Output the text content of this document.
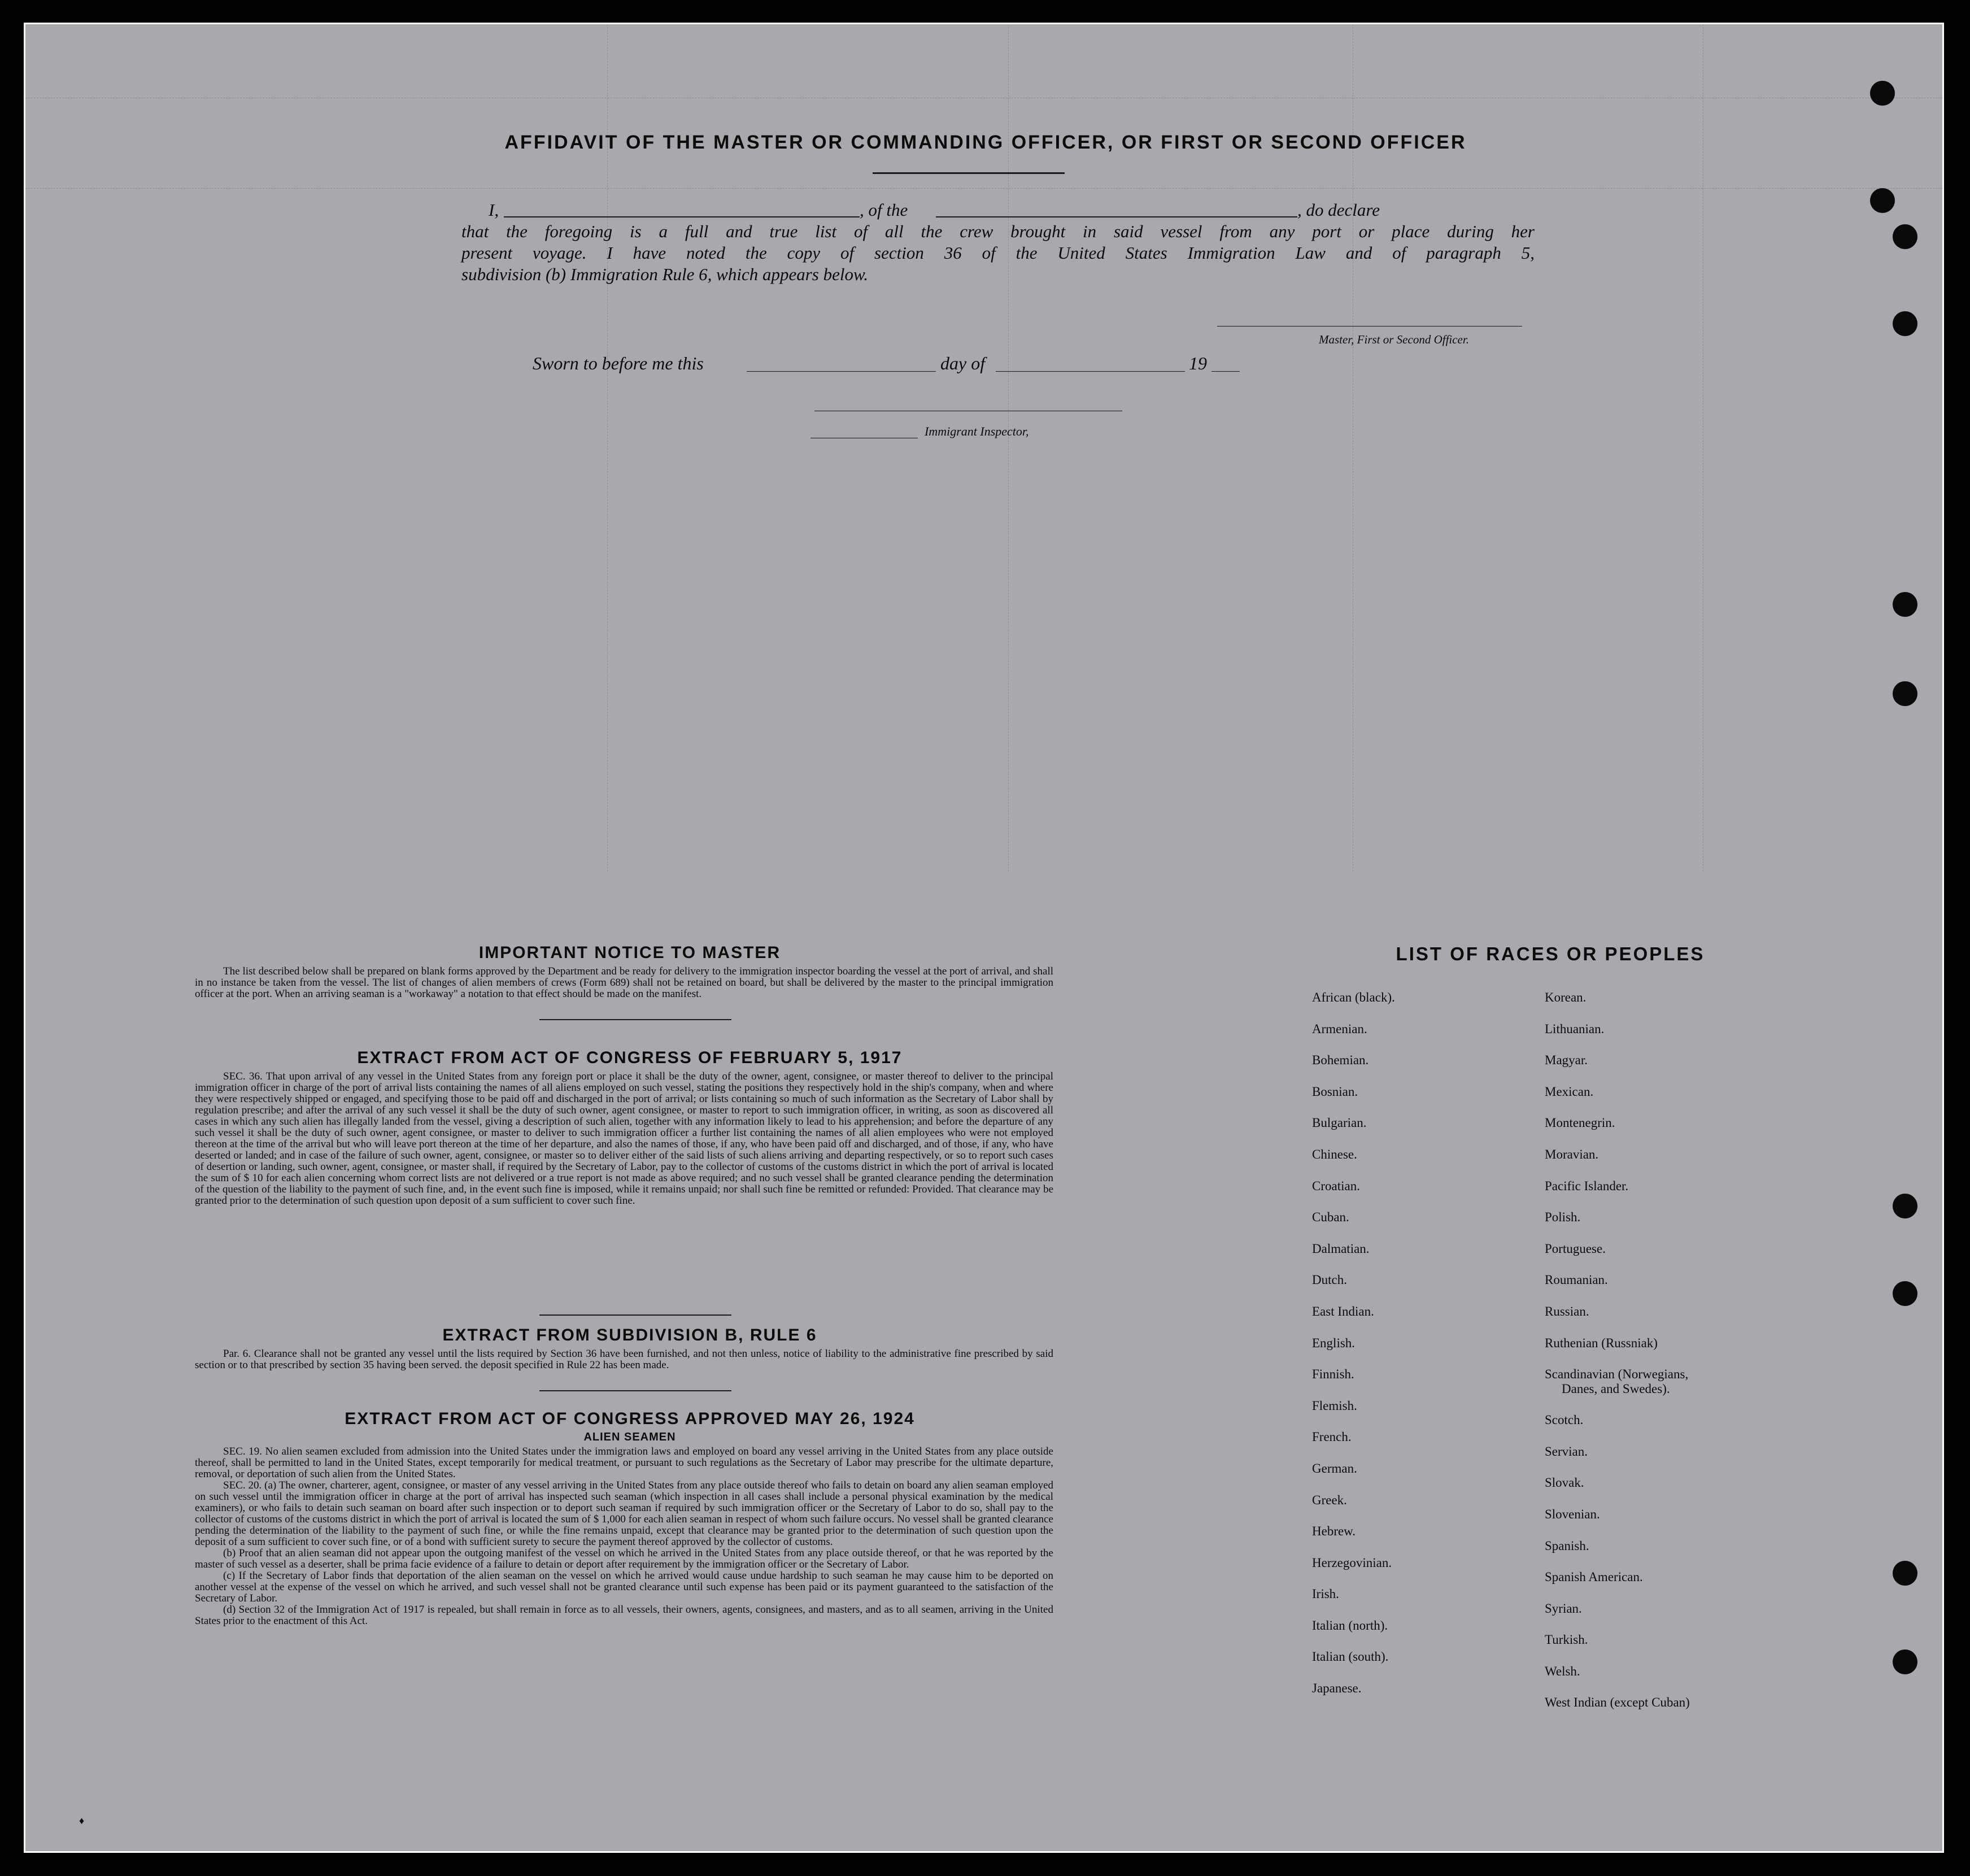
AFFIDAVIT OF THE MASTER OR COMMANDING OFFICER, OR FIRST OR SECOND OFFICER
I,	, of the	, do declare
that the foregoing is a full and true list of all the crew brought in said vessel from any port or place during her
present voyage. I have noted the copy of section 36 of the United States Immigration Law and of paragraph 5,
subdivision (b) Immigration Rule 6, which appears below.
Master, First or Second Officer.
Sworn to before me this	day of	19
Immigrant Inspector,
IMPORTANT NOTICE TO MASTER
The list described below shall be prepared on blank forms approved by the Department and be ready for delivery to the immigration inspector boarding the vessel at the port of arrival, and shall in no instance be taken from the vessel. The list of changes of alien members of crews (Form 689) shall not be retained on board, but shall be delivered by the master to the principal immigration officer at the port. When an arriving seaman is a "workaway" a notation to that effect should be made on the manifest.
EXTRACT FROM ACT OF CONGRESS OF FEBRUARY 5, 1917
SEC. 36. That upon arrival of any vessel in the United States from any foreign port or place it shall be the duty of the owner, agent, consignee, or master thereof to deliver to the principal immigration officer in charge of the port of arrival lists containing the names of all aliens employed on such vessel, stating the positions they respectively hold in the ship's company, when and where they were respectively shipped or engaged, and specifying those to be paid off and discharged in the port of arrival; or lists containing so much of such information as the Secretary of Labor shall by regulation prescribe; and after the arrival of any such vessel it shall be the duty of such owner, agent consignee, or master to report to such immigration officer, in writing, as soon as discovered all cases in which any such alien has illegally landed from the vessel, giving a description of such alien, together with any information likely to lead to his apprehension; and before the departure of any such vessel it shall be the duty of such owner, agent consignee, or master to deliver to such immigration officer a further list containing the names of all alien employees who were not employed thereon at the time of the arrival but who will leave port thereon at the time of her departure, and also the names of those, if any, who have been paid off and discharged, and of those, if any, who have deserted or landed; and in case of the failure of such owner, agent, consignee, or master so to deliver either of the said lists of such aliens arriving and departing respectively, or so to report such cases of desertion or landing, such owner, agent, consignee, or master shall, if required by the Secretary of Labor, pay to the collector of customs of the customs district in which the port of arrival is located the sum of $ 10 for each alien concerning whom correct lists are not delivered or a true report is not made as above required; and no such vessel shall be granted clearance pending the determination of the question of the liability to the payment of such fine, and, in the event such fine is imposed, while it remains unpaid; nor shall such fine be remitted or refunded: Provided. That clearance may be granted prior to the determination of such question upon deposit of a sum sufficient to cover such fine.
EXTRACT FROM SUBDIVISION B, RULE 6
Par. 6. Clearance shall not be granted any vessel until the lists required by Section 36 have been furnished, and not then unless, notice of liability to the administrative fine prescribed by said section or to that prescribed by section 35 having been served. the deposit specified in Rule 22 has been made.
EXTRACT FROM ACT OF CONGRESS APPROVED MAY 26, 1924
ALIEN SEAMEN
SEC. 19. No alien seamen excluded from admission into the United States under the immigration laws and employed on board any vessel arriving in the United States from any place outside thereof, shall be permitted to land in the United States, except temporarily for medical treatment, or pursuant to such regulations as the Secretary of Labor may prescribe for the ultimate departure, removal, or deportation of such alien from the United States.
SEC. 20. (a) The owner, charterer, agent, consignee, or master of any vessel arriving in the United States from any place outside thereof who fails to detain on board any alien seaman employed on such vessel until the immigration officer in charge at the port of arrival has inspected such seaman (which inspection in all cases shall include a personal physical examination by the medical examiners), or who fails to detain such seaman on board after such inspection or to deport such seaman if required by such immigration officer or the Secretary of Labor to do so, shall pay to the collector of customs of the customs district in which the port of arrival is located the sum of $ 1,000 for each alien seaman in respect of whom such failure occurs. No vessel shall be granted clearance pending the determination of the liability to the payment of such fine, or while the fine remains unpaid, except that clearance may be granted prior to the determination of such question upon the deposit of a sum sufficient to cover such fine, or of a bond with sufficient surety to secure the payment thereof approved by the collector of customs.
(b) Proof that an alien seaman did not appear upon the outgoing manifest of the vessel on which he arrived in the United States from any place outside thereof, or that he was reported by the master of such vessel as a deserter, shall be prima facie evidence of a failure to detain or deport after requirement by the immigration officer or the Secretary of Labor.
(c) If the Secretary of Labor finds that deportation of the alien seaman on the vessel on which he arrived would cause undue hardship to such seaman he may cause him to be deported on another vessel at the expense of the vessel on which he arrived, and such vessel shall not be granted clearance until such expense has been paid or its payment guaranteed to the satisfaction of the Secretary of Labor.
(d) Section 32 of the Immigration Act of 1917 is repealed, but shall remain in force as to all vessels, their owners, agents, consignees, and masters, and as to all seamen, arriving in the United States prior to the enactment of this Act.
LIST OF RACES OR PEOPLES
African (black).
Armenian.
Bohemian.
Bosnian.
Bulgarian.
Chinese.
Croatian.
Cuban.
Dalmatian.
Dutch.
East Indian.
English.
Finnish.
Flemish.
French.
German.
Greek.
Hebrew.
Herzegovinian.
Irish.
Italian (north).
Italian (south).
Japanese.
Korean.
Lithuanian.
Magyar.
Mexican.
Montenegrin.
Moravian.
Pacific Islander.
Polish.
Portuguese.
Roumanian.
Russian.
Ruthenian (Russniak)
Scandinavian (Norwegians,
Danes, and Swedes).
Scotch.
Servian.
Slovak.
Slovenian.
Spanish.
Spanish American.
Syrian.
Turkish.
Welsh.
West Indian (except Cuban)
♦
